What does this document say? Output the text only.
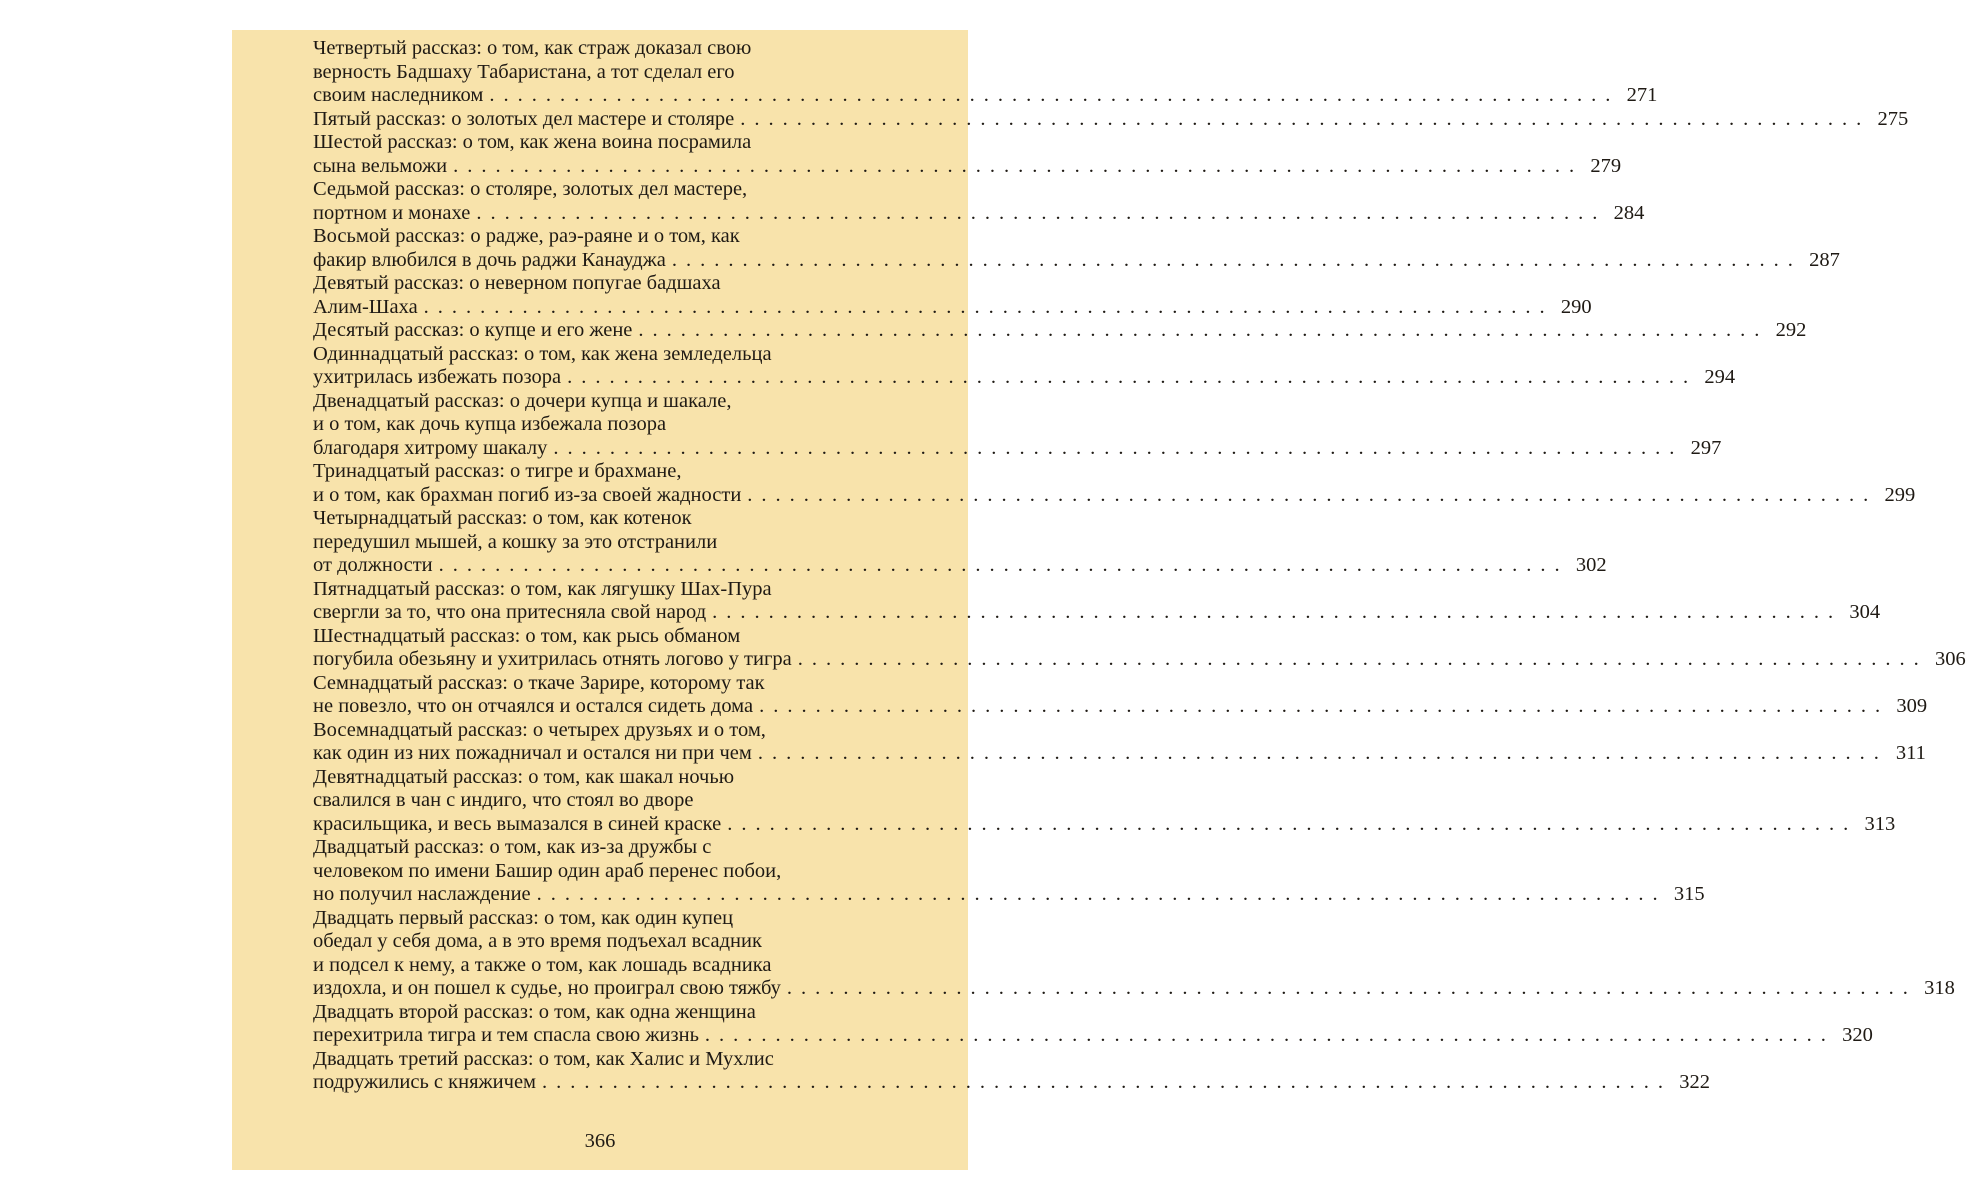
Четвертый рассказ: о том, как страж доказал свою
верность Бадшаху Табаристана, а тот сделал его
своим наследником ................................................................................ 271
Пятый рассказ: о золотых дел мастере и столяре ................................................................................ 275
Шестой рассказ: о том, как жена воина посрамила
сына вельможи ................................................................................ 279
Седьмой рассказ: о столяре, золотых дел мастере,
портном и монахе ................................................................................ 284
Восьмой рассказ: о радже, раэ-раяне и о том, как
факир влюбился в дочь раджи Канауджа ................................................................................ 287
Девятый рассказ: о неверном попугае бадшаха
Алим-Шаха ................................................................................ 290
Десятый рассказ: о купце и его жене ................................................................................ 292
Одиннадцатый рассказ: о том, как жена земледельца
ухитрилась избежать позора ................................................................................ 294
Двенадцатый рассказ: о дочери купца и шакале,
и о том, как дочь купца избежала позора
благодаря хитрому шакалу ................................................................................ 297
Тринадцатый рассказ: о тигре и брахмане,
и о том, как брахман погиб из-за своей жадности ................................................................................ 299
Четырнадцатый рассказ: о том, как котенок
передушил мышей, а кошку за это отстранили
от должности ................................................................................ 302
Пятнадцатый рассказ: о том, как лягушку Шах-Пура
свергли за то, что она притесняла свой народ ................................................................................ 304
Шестнадцатый рассказ: о том, как рысь обманом
погубила обезьяну и ухитрилась отнять логово у тигра ................................................................................ 306
Семнадцатый рассказ: о ткаче Зарире, которому так
не повезло, что он отчаялся и остался сидеть дома ................................................................................ 309
Восемнадцатый рассказ: о четырех друзьях и о том,
как один из них пожадничал и остался ни при чем ................................................................................ 311
Девятнадцатый рассказ: о том, как шакал ночью
свалился в чан с индиго, что стоял во дворе
красильщика, и весь вымазался в синей краске ................................................................................ 313
Двадцатый рассказ: о том, как из-за дружбы с
человеком по имени Башир один араб перенес побои,
но получил наслаждение ................................................................................ 315
Двадцать первый рассказ: о том, как один купец
обедал у себя дома, а в это время подъехал всадник
и подсел к нему, а также о том, как лошадь всадника
издохла, и он пошел к судье, но проиграл свою тяжбу ................................................................................ 318
Двадцать второй рассказ: о том, как одна женщина
перехитрила тигра и тем спасла свою жизнь ................................................................................ 320
Двадцать третий рассказ: о том, как Халис и Мухлис
подружились с княжичем ................................................................................ 322
366
